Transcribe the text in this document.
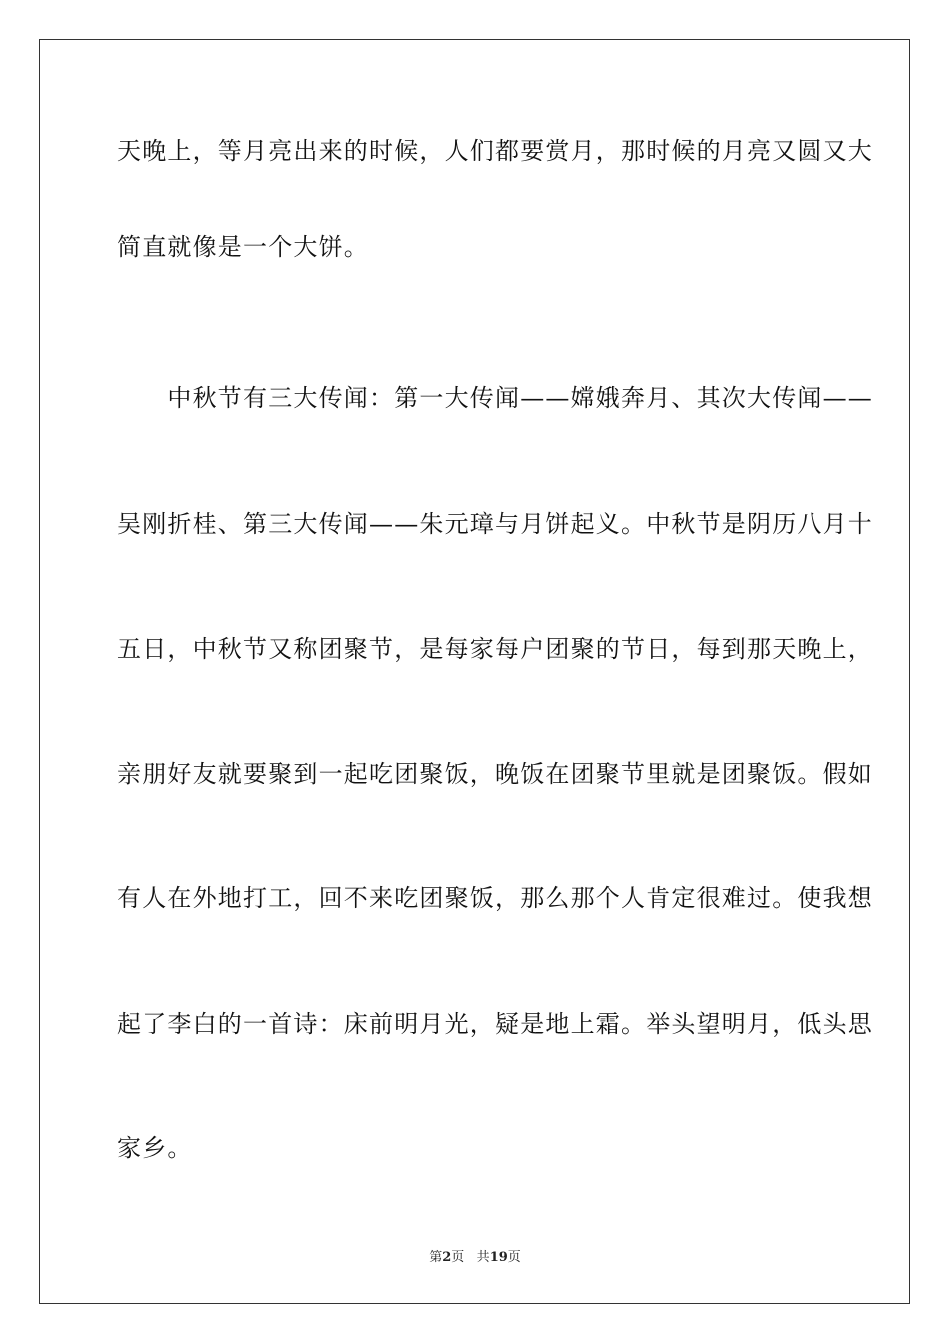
天晚上，等月亮出来的时候，人们都要赏月，那时候的月亮又圆又大
简直就像是一个大饼。
　　中秋节有三大传闻：第一大传闻——嫦娥奔月、其次大传闻——
吴刚折桂、第三大传闻——朱元璋与月饼起义。中秋节是阴历八月十
五日，中秋节又称团聚节，是每家每户团聚的节日，每到那天晚上，
亲朋好友就要聚到一起吃团聚饭，晚饭在团聚节里就是团聚饭。假如
有人在外地打工，回不来吃团聚饭，那么那个人肯定很难过。使我想
起了李白的一首诗：床前明月光，疑是地上霜。举头望明月，低头思
家乡。
第2页 共19页
